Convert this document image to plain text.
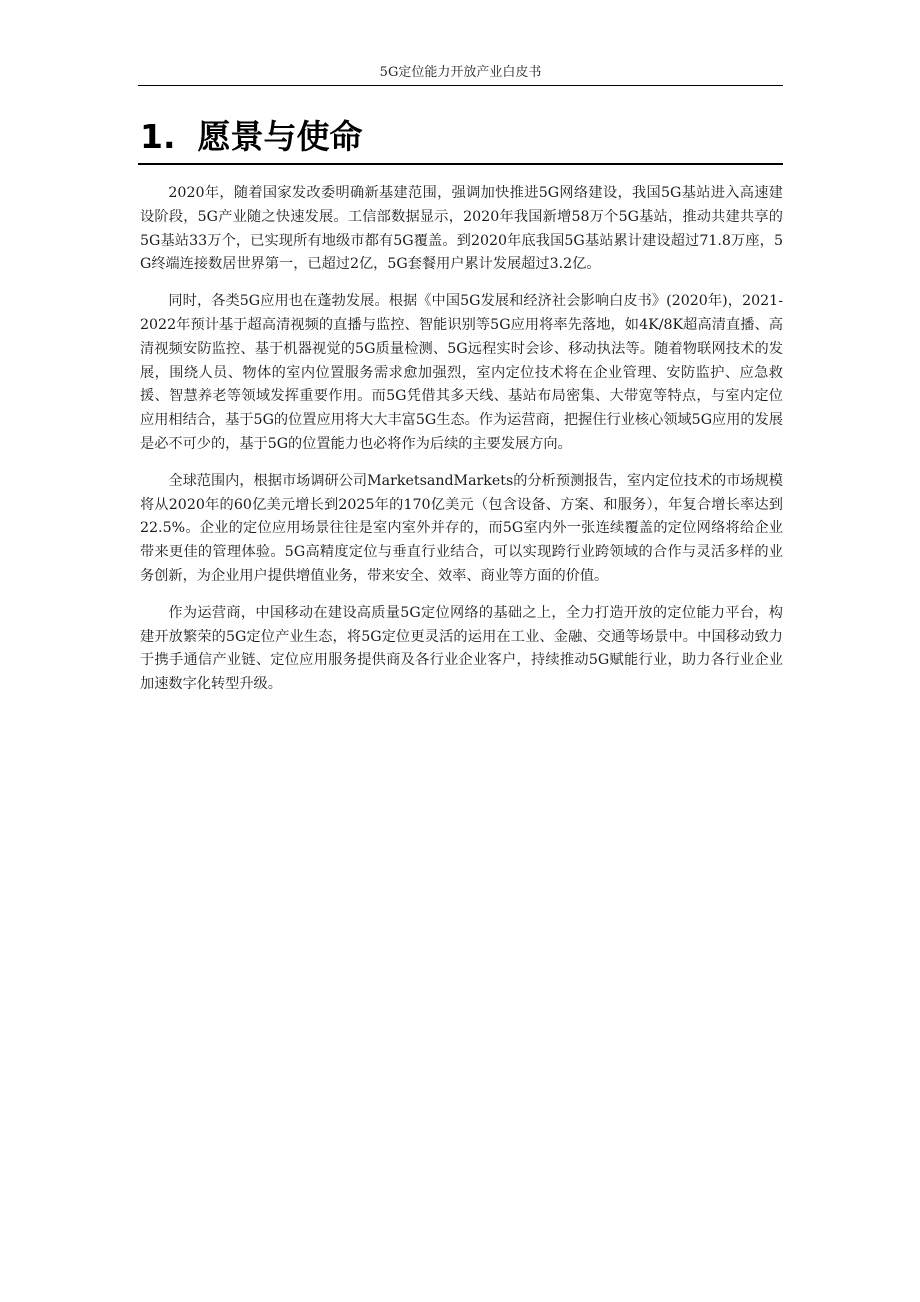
5G定位能力开放产业白皮书
1. 愿景与使命

2020年，随着国家发改委明确新基建范围，强调加快推进5G网络建设，我国5G基站进入高速建设阶段，5G产业随之快速发展。工信部数据显示，2020年我国新增58万个5G基站，推动共建共享的5G基站33万个，已实现所有地级市都有5G覆盖。到2020年底我国5G基站累计建设超过71.8万座，5G终端连接数居世界第一，已超过2亿，5G套餐用户累计发展超过3.2亿。

同时，各类5G应用也在蓬勃发展。根据《中国5G发展和经济社会影响白皮书》(2020年)，2021-2022年预计基于超高清视频的直播与监控、智能识别等5G应用将率先落地，如4K/8K超高清直播、高清视频安防监控、基于机器视觉的5G质量检测、5G远程实时会诊、移动执法等。随着物联网技术的发展，围绕人员、物体的室内位置服务需求愈加强烈，室内定位技术将在企业管理、安防监护、应急救援、智慧养老等领域发挥重要作用。而5G凭借其多天线、基站布局密集、大带宽等特点，与室内定位应用相结合，基于5G的位置应用将大大丰富5G生态。作为运营商，把握住行业核心领域5G应用的发展是必不可少的，基于5G的位置能力也必将作为后续的主要发展方向。

全球范围内，根据市场调研公司MarketsandMarkets的分析预测报告，室内定位技术的市场规模将从2020年的60亿美元增长到2025年的170亿美元（包含设备、方案、和服务），年复合增长率达到22.5%。企业的定位应用场景往往是室内室外并存的，而5G室内外一张连续覆盖的定位网络将给企业带来更佳的管理体验。5G高精度定位与垂直行业结合，可以实现跨行业跨领域的合作与灵活多样的业务创新，为企业用户提供增值业务，带来安全、效率、商业等方面的价值。

作为运营商，中国移动在建设高质量5G定位网络的基础之上，全力打造开放的定位能力平台，构建开放繁荣的5G定位产业生态，将5G定位更灵活的运用在工业、金融、交通等场景中。中国移动致力于携手通信产业链、定位应用服务提供商及各行业企业客户，持续推动5G赋能行业，助力各行业企业加速数字化转型升级。
